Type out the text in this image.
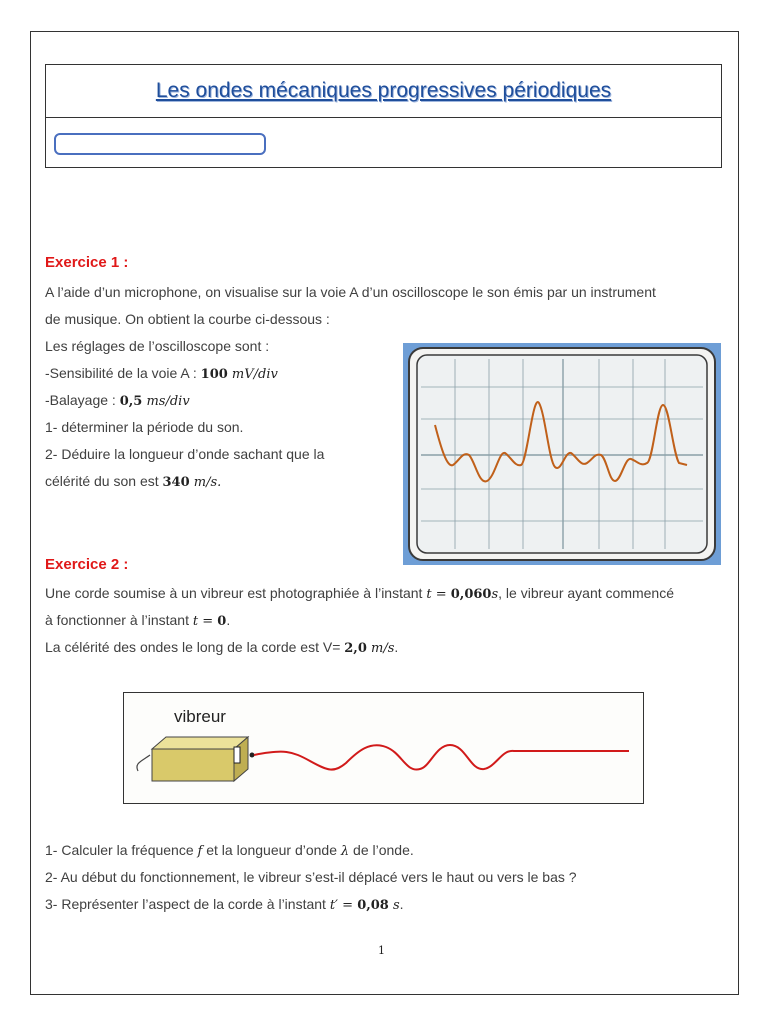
Les ondes mécaniques progressives périodiques
Exercice 1 :
A l’aide d’un microphone, on visualise sur la voie A d’un oscilloscope le son émis par un instrument
de musique. On obtient la courbe ci-dessous :
Les réglages de l’oscilloscope sont :
-Sensibilité de la voie A : 100 mV/div
-Balayage : 0,5 ms/div
1- déterminer la période du son.
2- Déduire la longueur d’onde sachant que la
célérité du son est 340 m/s.
Exercice 2 :
Une corde soumise à un vibreur est photographiée à l’instant t = 0,060s, le vibreur ayant commencé
à fonctionner à l’instant t = 0.
La célérité des ondes le long de la corde est V= 2,0 m/s.
vibreur
1- Calculer la fréquence f et la longueur d’onde λ de l’onde.
2- Au début du fonctionnement, le vibreur s’est-il déplacé vers le haut ou vers le bas ?
3- Représenter l’aspect de la corde à l’instant t′ = 0,08 s.
1
